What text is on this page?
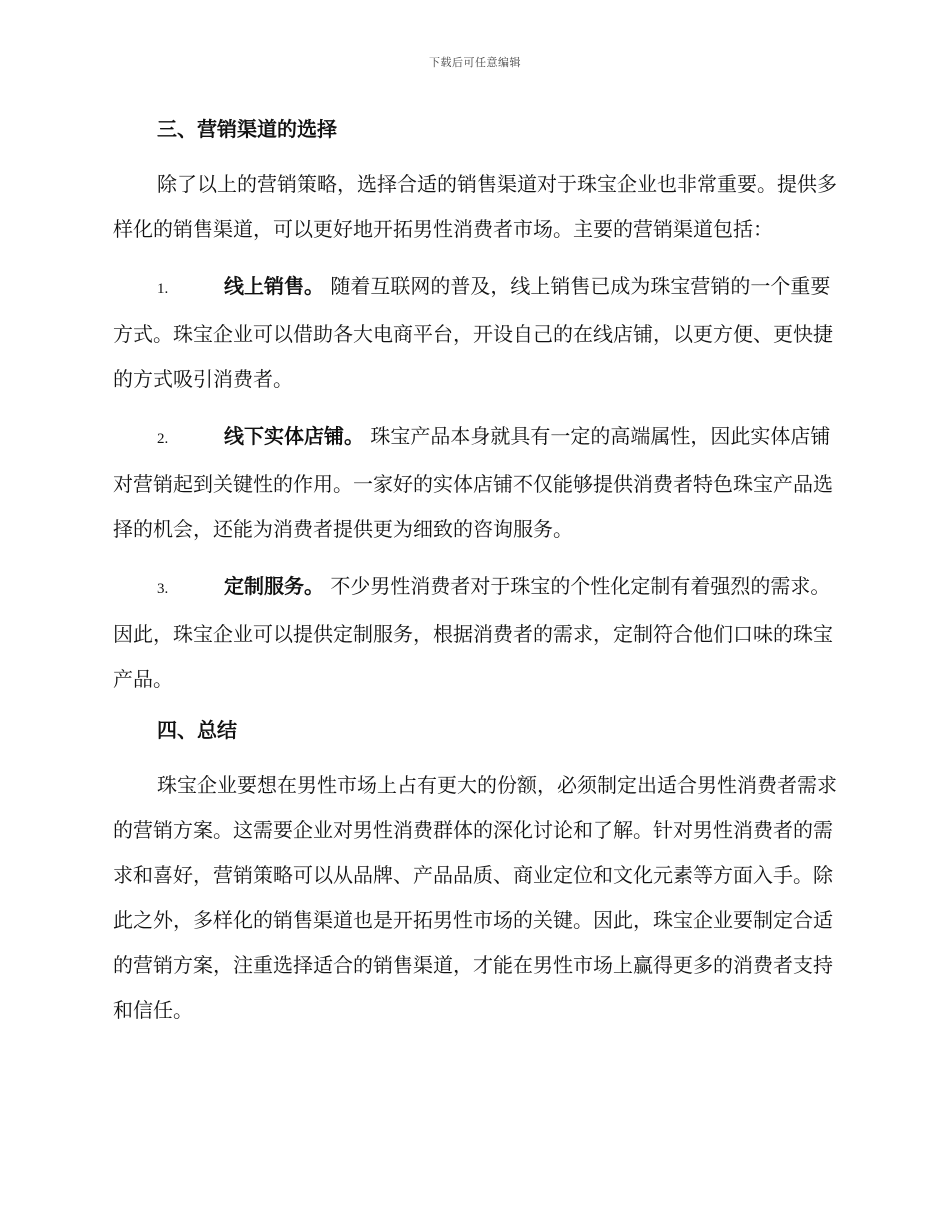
下载后可任意编辑
三、营销渠道的选择

除了以上的营销策略，选择合适的销售渠道对于珠宝企业也非常重要。提供多样化的销售渠道，可以更好地开拓男性消费者市场。主要的营销渠道包括：

1.	线上销售。 随着互联网的普及，线上销售已成为珠宝营销的一个重要方式。珠宝企业可以借助各大电商平台，开设自己的在线店铺，以更方便、更快捷的方式吸引消费者。

2.	线下实体店铺。 珠宝产品本身就具有一定的高端属性，因此实体店铺对营销起到关键性的作用。一家好的实体店铺不仅能够提供消费者特色珠宝产品选择的机会，还能为消费者提供更为细致的咨询服务。

3.	定制服务。 不少男性消费者对于珠宝的个性化定制有着强烈的需求。因此，珠宝企业可以提供定制服务，根据消费者的需求，定制符合他们口味的珠宝产品。

四、总结

珠宝企业要想在男性市场上占有更大的份额，必须制定出适合男性消费者需求的营销方案。这需要企业对男性消费群体的深化讨论和了解。针对男性消费者的需求和喜好，营销策略可以从品牌、产品品质、商业定位和文化元素等方面入手。除此之外，多样化的销售渠道也是开拓男性市场的关键。因此，珠宝企业要制定合适的营销方案，注重选择适合的销售渠道，才能在男性市场上赢得更多的消费者支持和信任。
